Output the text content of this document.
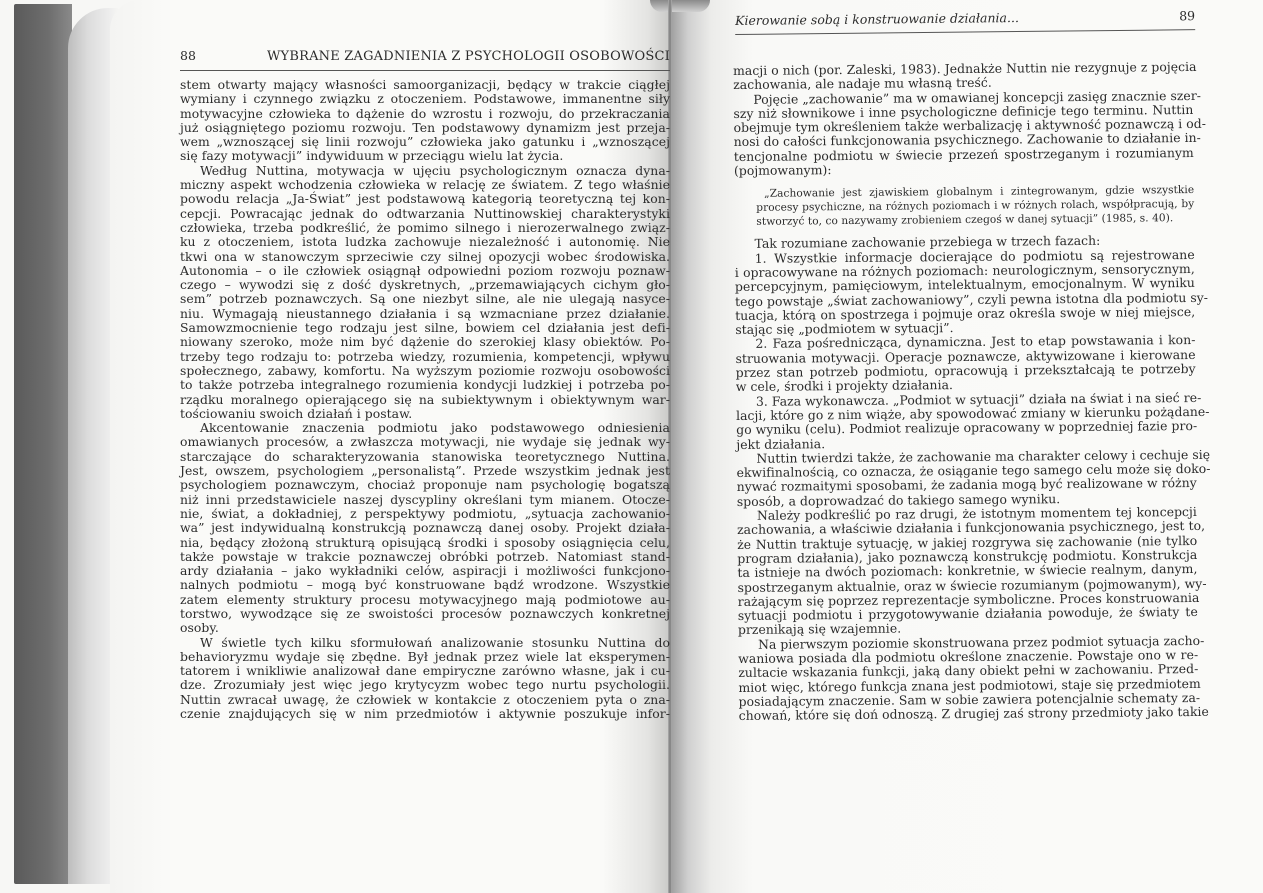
88	WYBRANE ZAGADNIENIA Z PSYCHOLOGII OSOBOWOŚCI
Kierowanie sobą i konstruowanie działania...	89
stem otwarty mający własności samoorganizacji, będący w trakcie ciągłej
wymiany i czynnego związku z otoczeniem. Podstawowe, immanentne siły
motywacyjne człowieka to dążenie do wzrostu i rozwoju, do przekraczania
już osiągniętego poziomu rozwoju. Ten podstawowy dynamizm jest przeja-
wem „wznoszącej się linii rozwoju” człowieka jako gatunku i „wznoszącej
się fazy motywacji” indywiduum w przeciągu wielu lat życia.
Według Nuttina, motywacja w ujęciu psychologicznym oznacza dyna-
miczny aspekt wchodzenia człowieka w relację ze światem. Z tego właśnie
powodu relacja „Ja-Świat” jest podstawową kategorią teoretyczną tej kon-
cepcji. Powracając jednak do odtwarzania Nuttinowskiej charakterystyki
człowieka, trzeba podkreślić, że pomimo silnego i nierozerwalnego związ-
ku z otoczeniem, istota ludzka zachowuje niezależność i autonomię. Nie
tkwi ona w stanowczym sprzeciwie czy silnej opozycji wobec środowiska.
Autonomia – o ile człowiek osiągnął odpowiedni poziom rozwoju poznaw-
czego – wywodzi się z dość dyskretnych, „przemawiających cichym gło-
sem” potrzeb poznawczych. Są one niezbyt silne, ale nie ulegają nasyce-
niu. Wymagają nieustannego działania i są wzmacniane przez działanie.
Samowzmocnienie tego rodzaju jest silne, bowiem cel działania jest defi-
niowany szeroko, może nim być dążenie do szerokiej klasy obiektów. Po-
trzeby tego rodzaju to: potrzeba wiedzy, rozumienia, kompetencji, wpływu
społecznego, zabawy, komfortu. Na wyższym poziomie rozwoju osobowości
to także potrzeba integralnego rozumienia kondycji ludzkiej i potrzeba po-
rządku moralnego opierającego się na subiektywnym i obiektywnym war-
tościowaniu swoich działań i postaw.
Akcentowanie znaczenia podmiotu jako podstawowego odniesienia
omawianych procesów, a zwłaszcza motywacji, nie wydaje się jednak wy-
starczające do scharakteryzowania stanowiska teoretycznego Nuttina.
Jest, owszem, psychologiem „personalistą”. Przede wszystkim jednak jest
psychologiem poznawczym, chociaż proponuje nam psychologię bogatszą
niż inni przedstawiciele naszej dyscypliny określani tym mianem. Otocze-
nie, świat, a dokładniej, z perspektywy podmiotu, „sytuacja zachowanio-
wa” jest indywidualną konstrukcją poznawczą danej osoby. Projekt działa-
nia, będący złożoną strukturą opisującą środki i sposoby osiągnięcia celu,
także powstaje w trakcie poznawczej obróbki potrzeb. Natomiast stand-
ardy działania – jako wykładniki celów, aspiracji i możliwości funkcjono-
nalnych podmiotu – mogą być konstruowane bądź wrodzone. Wszystkie
zatem elementy struktury procesu motywacyjnego mają podmiotowe au-
torstwo, wywodzące się ze swoistości procesów poznawczych konkretnej
osoby.
W świetle tych kilku sformułowań analizowanie stosunku Nuttina do
behavioryzmu wydaje się zbędne. Był jednak przez wiele lat eksperymen-
tatorem i wnikliwie analizował dane empiryczne zarówno własne, jak i cu-
dze. Zrozumiały jest więc jego krytycyzm wobec tego nurtu psychologii.
Nuttin zwracał uwagę, że człowiek w kontakcie z otoczeniem pyta o zna-
czenie znajdujących się w nim przedmiotów i aktywnie poszukuje infor-
macji o nich (por. Zaleski, 1983). Jednakże Nuttin nie rezygnuje z pojęcia
zachowania, ale nadaje mu własną treść.
Pojęcie „zachowanie” ma w omawianej koncepcji zasięg znacznie szer-
szy niż słownikowe i inne psychologiczne definicje tego terminu. Nuttin
obejmuje tym określeniem także werbalizację i aktywność poznawczą i od-
nosi do całości funkcjonowania psychicznego. Zachowanie to działanie in-
tencjonalne podmiotu w świecie przezeń spostrzeganym i rozumianym
(pojmowanym):
„Zachowanie jest zjawiskiem globalnym i zintegrowanym, gdzie wszystkie
procesy psychiczne, na różnych poziomach i w różnych rolach, współpracują, by
stworzyć to, co nazywamy zrobieniem czegoś w danej sytuacji” (1985, s. 40).
Tak rozumiane zachowanie przebiega w trzech fazach:
1. Wszystkie informacje docierające do podmiotu są rejestrowane
i opracowywane na różnych poziomach: neurologicznym, sensorycznym,
percepcyjnym, pamięciowym, intelektualnym, emocjonalnym. W wyniku
tego powstaje „świat zachowaniowy”, czyli pewna istotna dla podmiotu sy-
tuacja, którą on spostrzega i pojmuje oraz określa swoje w niej miejsce,
stając się „podmiotem w sytuacji”.
2. Faza pośrednicząca, dynamiczna. Jest to etap powstawania i kon-
struowania motywacji. Operacje poznawcze, aktywizowane i kierowane
przez stan potrzeb podmiotu, opracowują i przekształcają te potrzeby
w cele, środki i projekty działania.
3. Faza wykonawcza. „Podmiot w sytuacji” działa na świat i na sieć re-
lacji, które go z nim wiąże, aby spowodować zmiany w kierunku pożądane-
go wyniku (celu). Podmiot realizuje opracowany w poprzedniej fazie pro-
jekt działania.
Nuttin twierdzi także, że zachowanie ma charakter celowy i cechuje się
ekwifinalnością, co oznacza, że osiąganie tego samego celu może się doko-
nywać rozmaitymi sposobami, że zadania mogą być realizowane w różny
sposób, a doprowadzać do takiego samego wyniku.
Należy podkreślić po raz drugi, że istotnym momentem tej koncepcji
zachowania, a właściwie działania i funkcjonowania psychicznego, jest to,
że Nuttin traktuje sytuację, w jakiej rozgrywa się zachowanie (nie tylko
program działania), jako poznawczą konstrukcję podmiotu. Konstrukcja
ta istnieje na dwóch poziomach: konkretnie, w świecie realnym, danym,
spostrzeganym aktualnie, oraz w świecie rozumianym (pojmowanym), wy-
rażającym się poprzez reprezentacje symboliczne. Proces konstruowania
sytuacji podmiotu i przygotowywanie działania powoduje, że światy te
przenikają się wzajemnie.
Na pierwszym poziomie skonstruowana przez podmiot sytuacja zacho-
waniowa posiada dla podmiotu określone znaczenie. Powstaje ono w re-
zultacie wskazania funkcji, jaką dany obiekt pełni w zachowaniu. Przed-
miot więc, którego funkcja znana jest podmiotowi, staje się przedmiotem
posiadającym znaczenie. Sam w sobie zawiera potencjalnie schematy za-
chowań, które się doń odnoszą. Z drugiej zaś strony przedmioty jako takie
